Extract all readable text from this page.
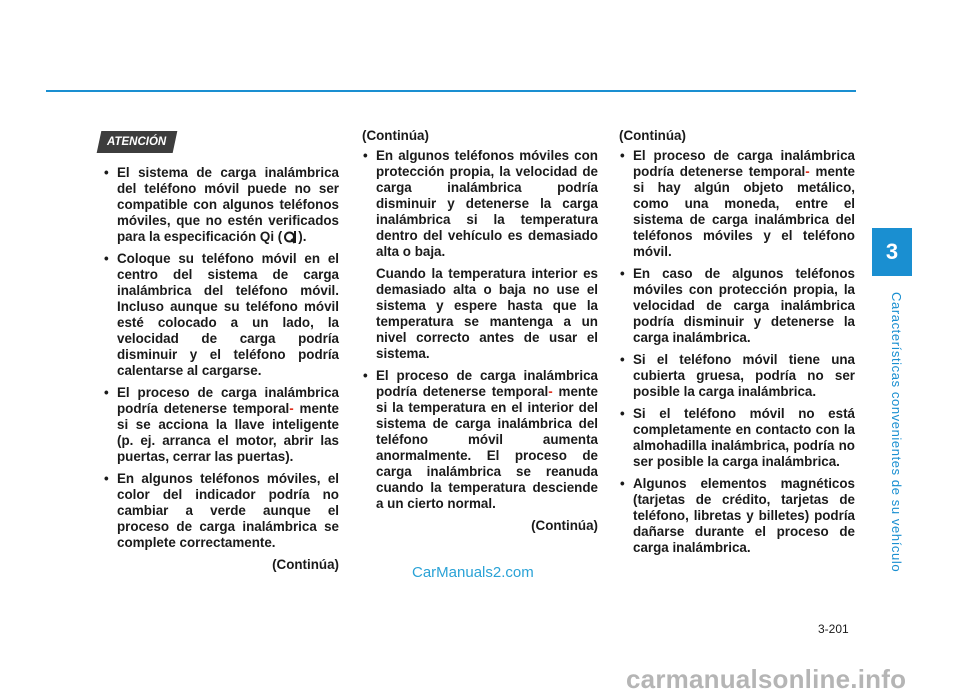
3
Características convenientes de su vehículo
ATENCIÓN
• El sistema de carga inalámbrica del teléfono móvil puede no ser compatible con algunos teléfonos móviles, que no estén verificados para la especificación Qi ( ).
• Coloque su teléfono móvil en el centro del sistema de carga inalámbrica del teléfono móvil. Incluso aunque su teléfono móvil esté colocado a un lado, la velocidad de carga podría disminuir y el teléfono podría calentarse al cargarse.
• El proceso de carga inalámbrica podría detenerse temporal- mente si se acciona la llave inteligente (p. ej. arranca el motor, abrir las puertas, cerrar las puertas).
• En algunos teléfonos móviles, el color del indicador podría no cambiar a verde aunque el proceso de carga inalámbrica se complete correctamente.
(Continúa)
(Continúa)
• En algunos teléfonos móviles con protección propia, la velocidad de carga inalámbrica podría disminuir y detenerse la carga inalámbrica si la temperatura dentro del vehículo es demasiado alta o baja.
Cuando la temperatura interior es demasiado alta o baja no use el sistema y espere hasta que la temperatura se mantenga a un nivel correcto antes de usar el sistema.
• El proceso de carga inalámbrica podría detenerse temporal- mente si la temperatura en el interior del sistema de carga inalámbrica del teléfono móvil aumenta anormalmente. El proceso de carga inalámbrica se reanuda cuando la temperatura desciende a un cierto normal.
(Continúa)
(Continúa)
• El proceso de carga inalámbrica podría detenerse temporal- mente si hay algún objeto metálico, como una moneda, entre el sistema de carga inalámbrica del teléfonos móviles y el teléfono móvil.
• En caso de algunos teléfonos móviles con protección propia, la velocidad de carga inalámbrica podría disminuir y detenerse la carga inalámbrica.
• Si el teléfono móvil tiene una cubierta gruesa, podría no ser posible la carga inalámbrica.
• Si el teléfono móvil no está completamente en contacto con la almohadilla inalámbrica, podría no ser posible la carga inalámbrica.
• Algunos elementos magnéticos (tarjetas de crédito, tarjetas de teléfono, libretas y billetes) podría dañarse durante el proceso de carga inalámbrica.
3-201
CarManuals2.com
carmanualsonline.info
